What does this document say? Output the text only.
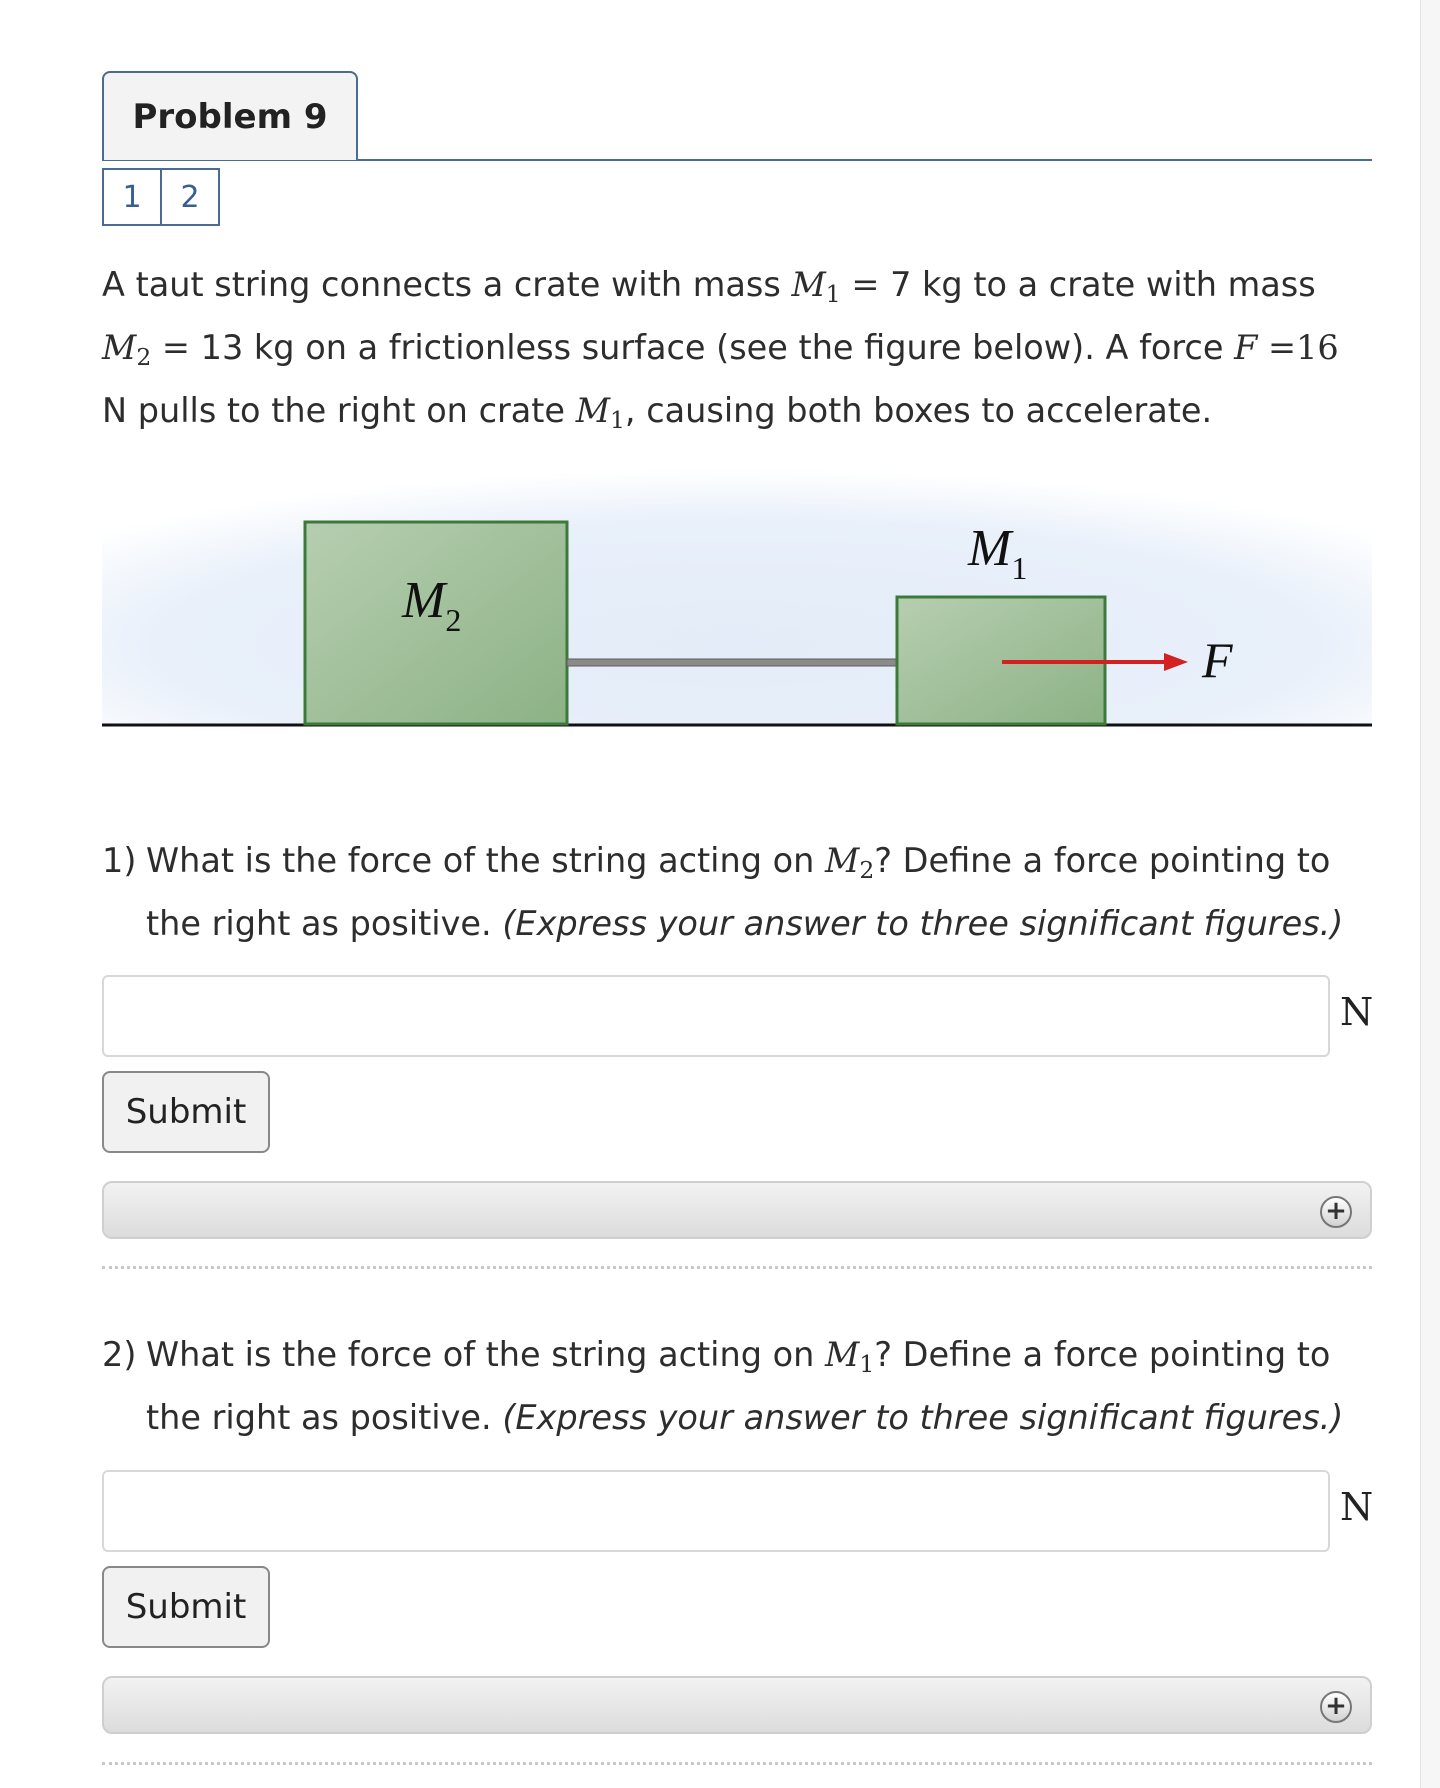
Problem 9
1	2
A taut string connects a crate with mass $M_1 = 7$ kg to a crate with mass
$M_2 = 13$ kg on a frictionless surface (see the figure below). A force F =16
N pulls to the right on crate $M_1$, causing both boxes to accelerate.
$M_2$
$M_1$
F
1) What is the force of the string acting on $M_2$? Define a force pointing to
the right as positive. (Express your answer to three significant figures.)
N
Submit
+
2) What is the force of the string acting on $M_1$? Define a force pointing to
the right as positive. (Express your answer to three significant figures.)
N
Submit
+
